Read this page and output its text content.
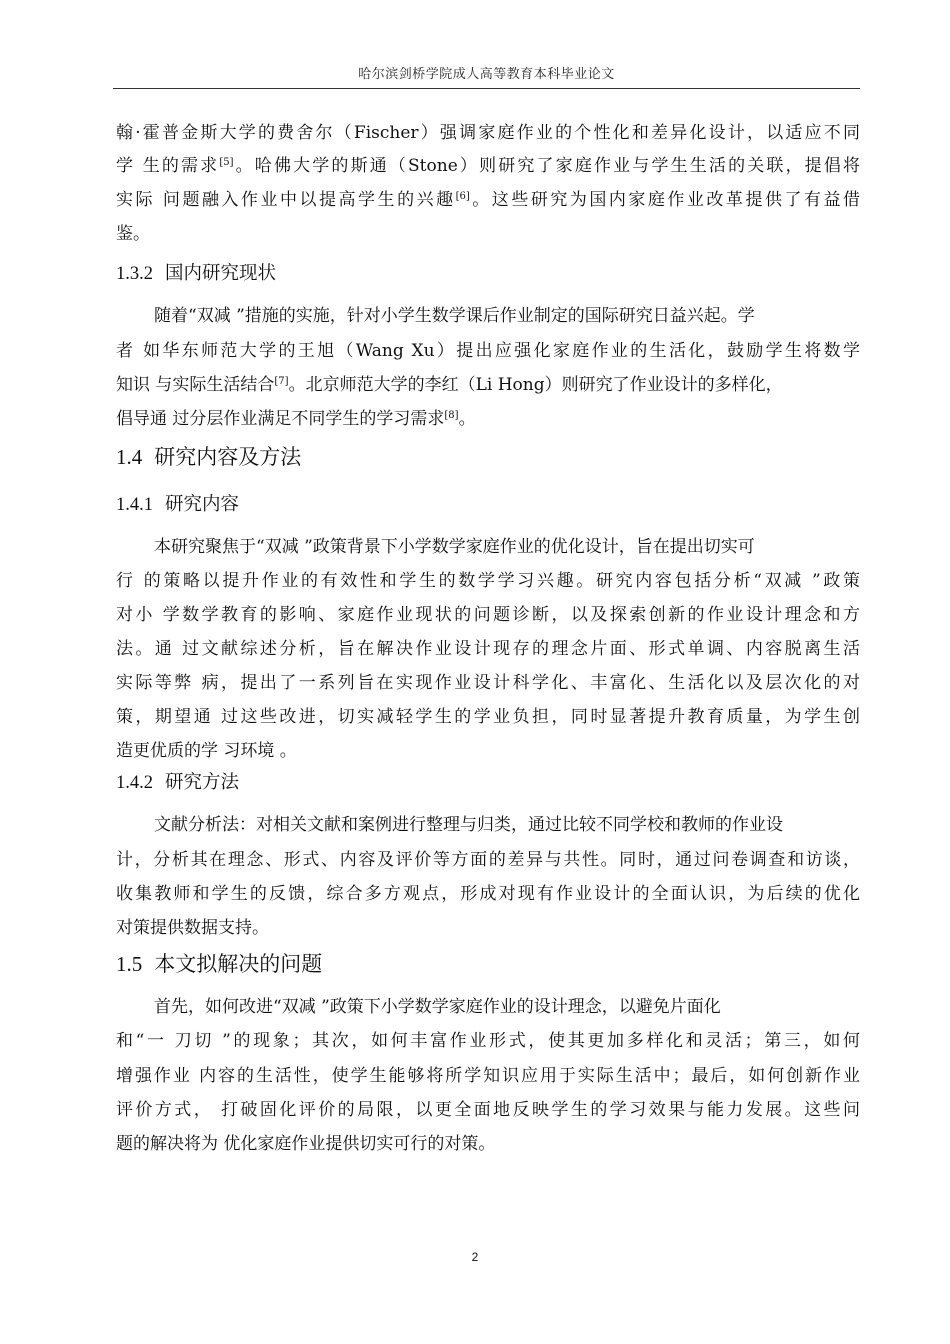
哈尔滨剑桥学院成人高等教育本科毕业论文
翰·霍普金斯大学的费舍尔（Fischer）强调家庭作业的个性化和差异化设计，以适应不同
学 生的需求[5]。哈佛大学的斯通（Stone）则研究了家庭作业与学生生活的关联，提倡将
实际 问题融入作业中以提高学生的兴趣[6]。这些研究为国内家庭作业改革提供了有益借
鉴。
1.3.2 国内研究现状
随着“双减 ”措施的实施，针对小学生数学课后作业制定的国际研究日益兴起。学
者 如华东师范大学的王旭（Wang Xu）提出应强化家庭作业的生活化，鼓励学生将数学
知识 与实际生活结合[7]。北京师范大学的李红（Li Hong）则研究了作业设计的多样化，
倡导通 过分层作业满足不同学生的学习需求[8]。
1.4 研究内容及方法
1.4.1 研究内容
本研究聚焦于“双减 ”政策背景下小学数学家庭作业的优化设计，旨在提出切实可
行 的策略以提升作业的有效性和学生的数学学习兴趣。研究内容包括分析“双减 ”政策
对小 学数学教育的影响、家庭作业现状的问题诊断，以及探索创新的作业设计理念和方
法。通 过文献综述分析，旨在解决作业设计现存的理念片面、形式单调、内容脱离生活
实际等弊 病，提出了一系列旨在实现作业设计科学化、丰富化、生活化以及层次化的对
策，期望通 过这些改进，切实减轻学生的学业负担，同时显著提升教育质量，为学生创
造更优质的学 习环境 。
1.4.2 研究方法
文献分析法：对相关文献和案例进行整理与归类，通过比较不同学校和教师的作业设
计，分析其在理念、形式、内容及评价等方面的差异与共性。同时，通过问卷调查和访谈，
收集教师和学生的反馈，综合多方观点，形成对现有作业设计的全面认识，为后续的优化
对策提供数据支持。
1.5 本文拟解决的问题
首先，如何改进“双减 ”政策下小学数学家庭作业的设计理念，以避免片面化
和“一 刀切 ”的现象；其次，如何丰富作业形式，使其更加多样化和灵活；第三，如何
增强作业 内容的生活性，使学生能够将所学知识应用于实际生活中；最后，如何创新作业
评价方式， 打破固化评价的局限，以更全面地反映学生的学习效果与能力发展。这些问
题的解决将为 优化家庭作业提供切实可行的对策。
2
